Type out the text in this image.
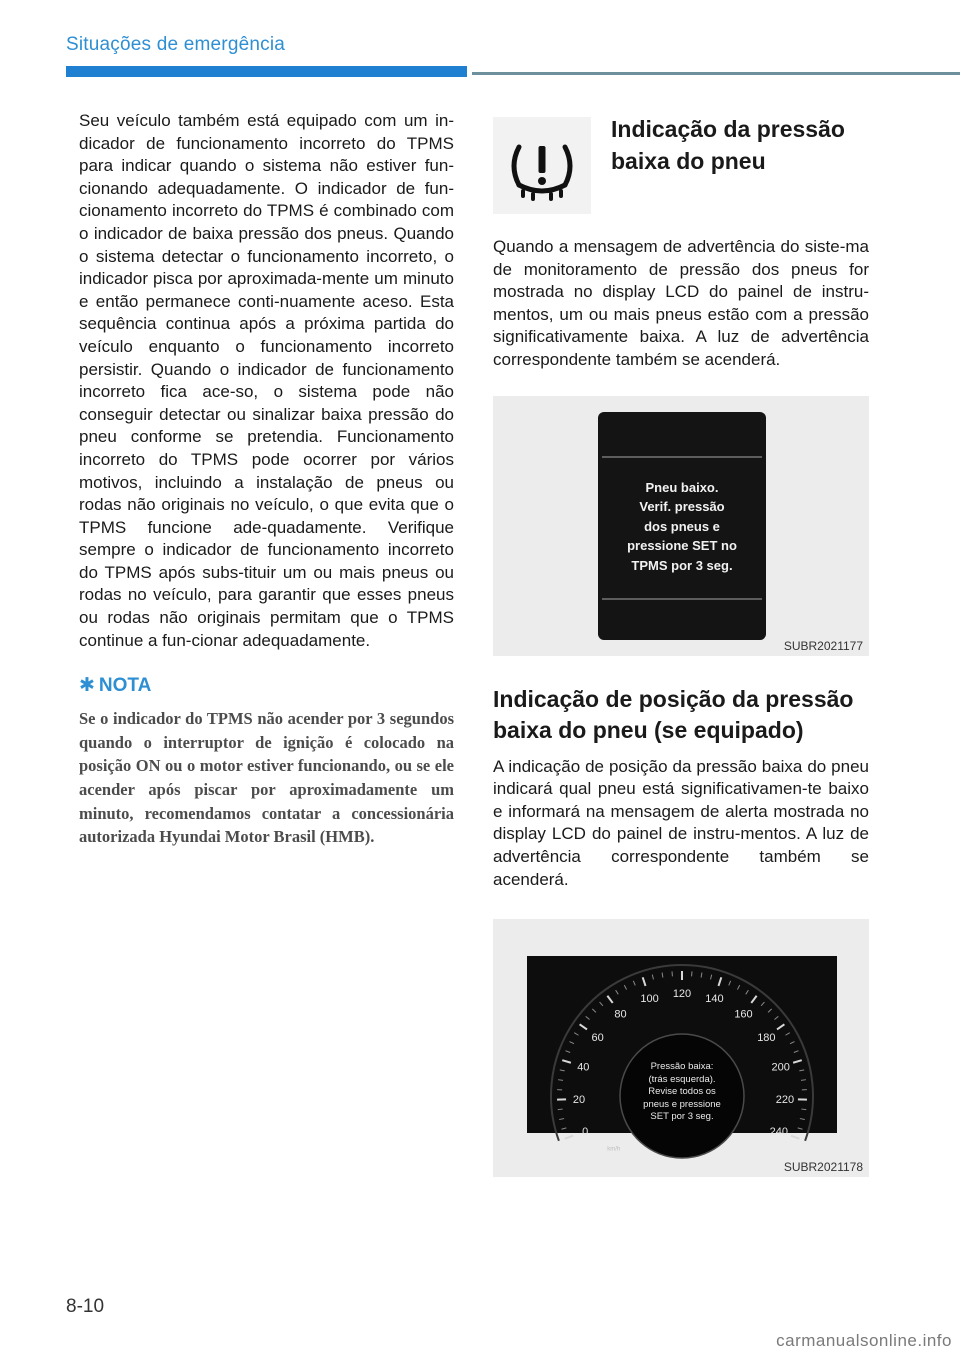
Situações de emergência

Seu veículo também está equipado com um in-dicador de funcionamento incorreto do TPMS para indicar quando o sistema não estiver fun-cionando adequadamente. O indicador de fun-cionamento incorreto do TPMS é combinado com o indicador de baixa pressão dos pneus. Quando o sistema detectar o funcionamento incorreto, o indicador pisca por aproximada-mente um minuto e então permanece conti-nuamente aceso. Esta sequência continua após a próxima partida do veículo enquanto o funcionamento incorreto persistir. Quando o indicador de funcionamento incorreto fica ace-so, o sistema pode não conseguir detectar ou sinalizar baixa pressão do pneu conforme se pretendia. Funcionamento incorreto do TPMS pode ocorrer por vários motivos, incluindo a instalação de pneus ou rodas não originais no veículo, o que evita que o TPMS funcione ade-quadamente. Verifique sempre o indicador de funcionamento incorreto do TPMS após subs-tituir um ou mais pneus ou rodas no veículo, para garantir que esses pneus ou rodas não originais permitam que o TPMS continue a fun-cionar adequadamente.

✱ NOTA

Se o indicador do TPMS não acender por 3 segundos quando o interruptor de ignição é colocado na posição ON ou o motor estiver funcionando, ou se ele acender após piscar por aproximadamente um minuto, recomendamos contatar a concessionária autorizada Hyundai Motor Brasil (HMB).

Indicação da pressão
baixa do pneu

Quando a mensagem de advertência do siste-ma de monitoramento de pressão dos pneus for mostrada no display LCD do painel de instru-mentos, um ou mais pneus estão com a pressão significativamente baixa. A luz de advertência correspondente também se acenderá.

Pneu baixo.
Verif. pressão
dos pneus e
pressione SET no
TPMS por 3 seg.
SUBR2021177
Indicação de posição da pressão
baixa do pneu (se equipado)

A indicação de posição da pressão baixa do pneu indicará qual pneu está significativamen-te baixo e informará na mensagem de alerta mostrada no display LCD do painel de instru-mentos. A luz de advertência correspondente também se acenderá.

0
20
40
60
80
100 120 140
160
180
200
220
240
km/h
Pressão baixa:
(trás esquerda).
Revise todos os
pneus e pressione
SET por 3 seg.
SUBR2021178
8-10
carmanualsonline.info
